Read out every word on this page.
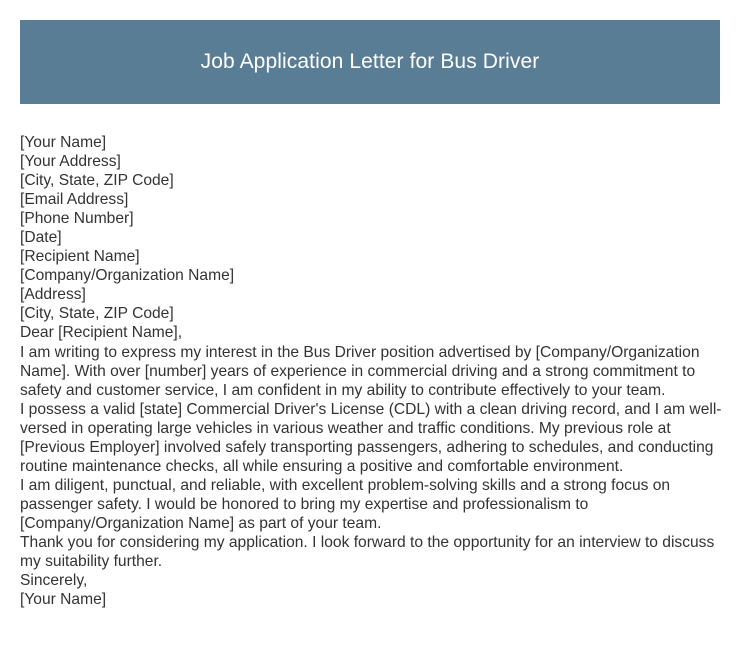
Job Application Letter for Bus Driver
[Your Name]
[Your Address]
[City, State, ZIP Code]
[Email Address]
[Phone Number]
[Date]
[Recipient Name]
[Company/Organization Name]
[Address]
[City, State, ZIP Code]
Dear [Recipient Name],

I am writing to express my interest in the Bus Driver position advertised by [Company/Organization Name]. With over [number] years of experience in commercial driving and a strong commitment to safety and customer service, I am confident in my ability to contribute effectively to your team.

I possess a valid [state] Commercial Driver's License (CDL) with a clean driving record, and I am well-versed in operating large vehicles in various weather and traffic conditions. My previous role at [Previous Employer] involved safely transporting passengers, adhering to schedules, and conducting routine maintenance checks, all while ensuring a positive and comfortable environment.

I am diligent, punctual, and reliable, with excellent problem-solving skills and a strong focus on passenger safety. I would be honored to bring my expertise and professionalism to [Company/Organization Name] as part of your team.

Thank you for considering my application. I look forward to the opportunity for an interview to discuss my suitability further.

Sincerely,
[Your Name]
